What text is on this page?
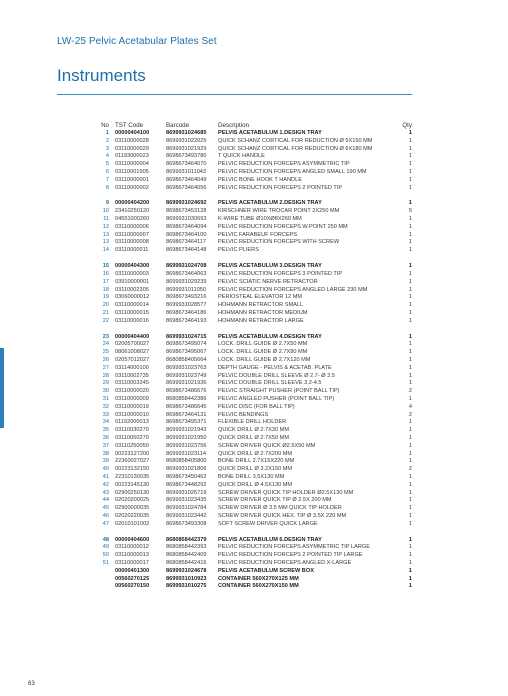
LW-25 Pelvic Acetabular Plates Set
Instruments
No TST Code	Barcode	Description	Qty
1 00000404100	8699931024685 PELVIS ACETABULUM 1.DESIGN TRAY	1
2 03110000028	8699931022025 QUICK SCHANZ CORTICAL FOR REDUCTION Ø 5X150 MM	1
3 03110000029	8699931021929 QUICK SCHANZ CORTICAL FOR REDUCTION Ø 6X180 MM	1
4 01193000023	8698673493780 T QUICK HANDLE	1
5 03110000004	8698673464070 PELVIC REDUCTION FORCEPS ASYMMETRIC TIP	1
6 03110001905	8699931011043 PELVIC REDUCTION FORCEPS ANGLED SMALL 190 MM	1
7 03110000001	8698673464049 PELVIC BONE HOOK T HANDLE	1
8 03110000002	8698673464056 PELVIC REDUCTION FORCEPS 2 POINTED TIP	1
9 00000404200	8699931024692 PELVIS ACETABULUM 2.DESIGN TRAY	1
10 23410250120	8698673453128 KIRSCHNER WIRE TROCAR POINT 2X250 MM	5
11 04551000260	8699931030693 K-WIRE TUBE Ø10XØ8X260 MM	1
12 03110000006	8698673464094 PELVIC REDUCTION FORCEPS W.POINT 250 MM	1
13 03110000007	8698673464100 PELVIC FARABEUF FORCEPS	1
13 03110000008	8698673464117 PELVIC REDUCTION FORCEPS WITH SCREW	1
14 03110000011	8698673464148 PELVIC PLIERS	1
15 00000404300	8699931024708 PELVIS ACETABULUM 3.DESIGN TRAY	1
16 03110000003	8698673464063 PELVIC REDUCTION FORCEPS 3 POINTED TIP	1
17 03910000001	8699931029239 PELVIC SCIATIC NERVE RETRACTOR	1
18 03110002305	8699931011050 PELVIC REDUCTION FORCEPS ANGLED LARGE 230 MM	1
19 03060000012	8698673493216 PERIOSTEAL ELEVATOR 12 MM	1
20 03110000014	8699931028577 HOHMANN RETRACTOR SMALL	1
21 03110000015	8698673464186 HOHMANN RETRACTOR MEDIUM	1
22 03110000016	8698673464193 HOHMANN RETRACTOR LARGE	1
23 00000404400	8699931024715 PELVIS ACETABULUM 4.DESIGN TRAY	1
24 02005700027	8698673495074 LOCK. DRILL GUIDE Ø 2.7X50 MM	1
25 08061008027	8698673495067 LOCK. DRILL GUIDE Ø 2.7X80 MM	1
26 02057012027	8680858405664 LOCK. DRILL GUIDE Ø 2.7X120 MM	1
27 03114000100	8699931023763 DEPTH GAUGE - PELVIS & ACETAB. PLATE	1
28 03110002735	8699931023749 PELVIC DOUBLE DRILL SLEEVE Ø 2.7- Ø 3.5	1
29 03110003245	8699931021936 PELVIC DOUBLE DRILL SLEEVE 3.2-4.5	1
30 03110000020	8698673486676 PELVIC STRAIGHT PUSHER (POINT BALL TIP)	2
31 03110000009	8680858442386 PELVIC ANGLED PUSHER (POINT BALL TIP)	1
32 03110000019	8698673486645 PELVIC DISC (FOR BALL TIP)	4
33 03110000010	8698673464131 PELVIC BENDINGS	2
34 01192000013	8698673495371 FLEXIBLE DRILL HOLDER	1
35 03110030270	8699931021943 QUICK DRILL Ø 2.7X30 MM	1
36 03110050270	8699931021950 QUICK DRILL Ø 2.7X50 MM	1
37 03110250050	8699931023756 SCREW DRIVER QUICK Ø2.5X50 MM	1
38 00223127200	8699931023114 QUICK DRILL Ø 2.7X200 MM	1
39 22360027027	8680858405800 BONE DRILL 2.7X15X220 MM	1
40 00223132150	8699931021806 QUICK DRILL Ø 3.2X150 MM	2
41 22310130035	8698673450462 BONE DRILL 3.5X130 MM	1
42 00223145130	8698673448292 QUICK DRILL Ø 4.5X130 MM	1
43 02900250130	8699931026719 SCREW DRIVER QUICK TIP HOLDER Ø2.5X130 MM	1
44 02020200025	8699931023435 SCREW DRIVER QUICK TIP Ø 2.5X 200 MM	1
45 02900000035	8699931024784 SCREW DRIVER Ø 3.5 MM QUICK TIP HOLDER	1
46 02020220035	8699931023442 SCREW DRIVER QUICK HEX. TIP Ø 3.5X 220 MM	1
47 02010101002	8698673493308 SOFT SCREW DRIVER QUICK LARGE	1
48 00000404600	8680858442379 PELVIS ACETABULUM 6.DESIGN TRAY	1
49 03110000012	8680858442393 PELVIC REDUCTION FORCEPS ASYMMETRIC TIP LARGE	1
50 03110000013	8680858442409 PELVIC REDUCTION FORCEPS 2 POINTED TIP LARGE	1
51 03110000017	8680858442416 PELVIC REDUCTION FORCEPS ANGLED X-LARGE	1
00000401300	8699931024678 PELVIS ACETABULUM SCREW BOX	1
00560270125	8699931010923 CONTAINER 560X270X125 MM	1
00560270150	8699931010275 CONTAINER 560X270X150 MM	1
63
